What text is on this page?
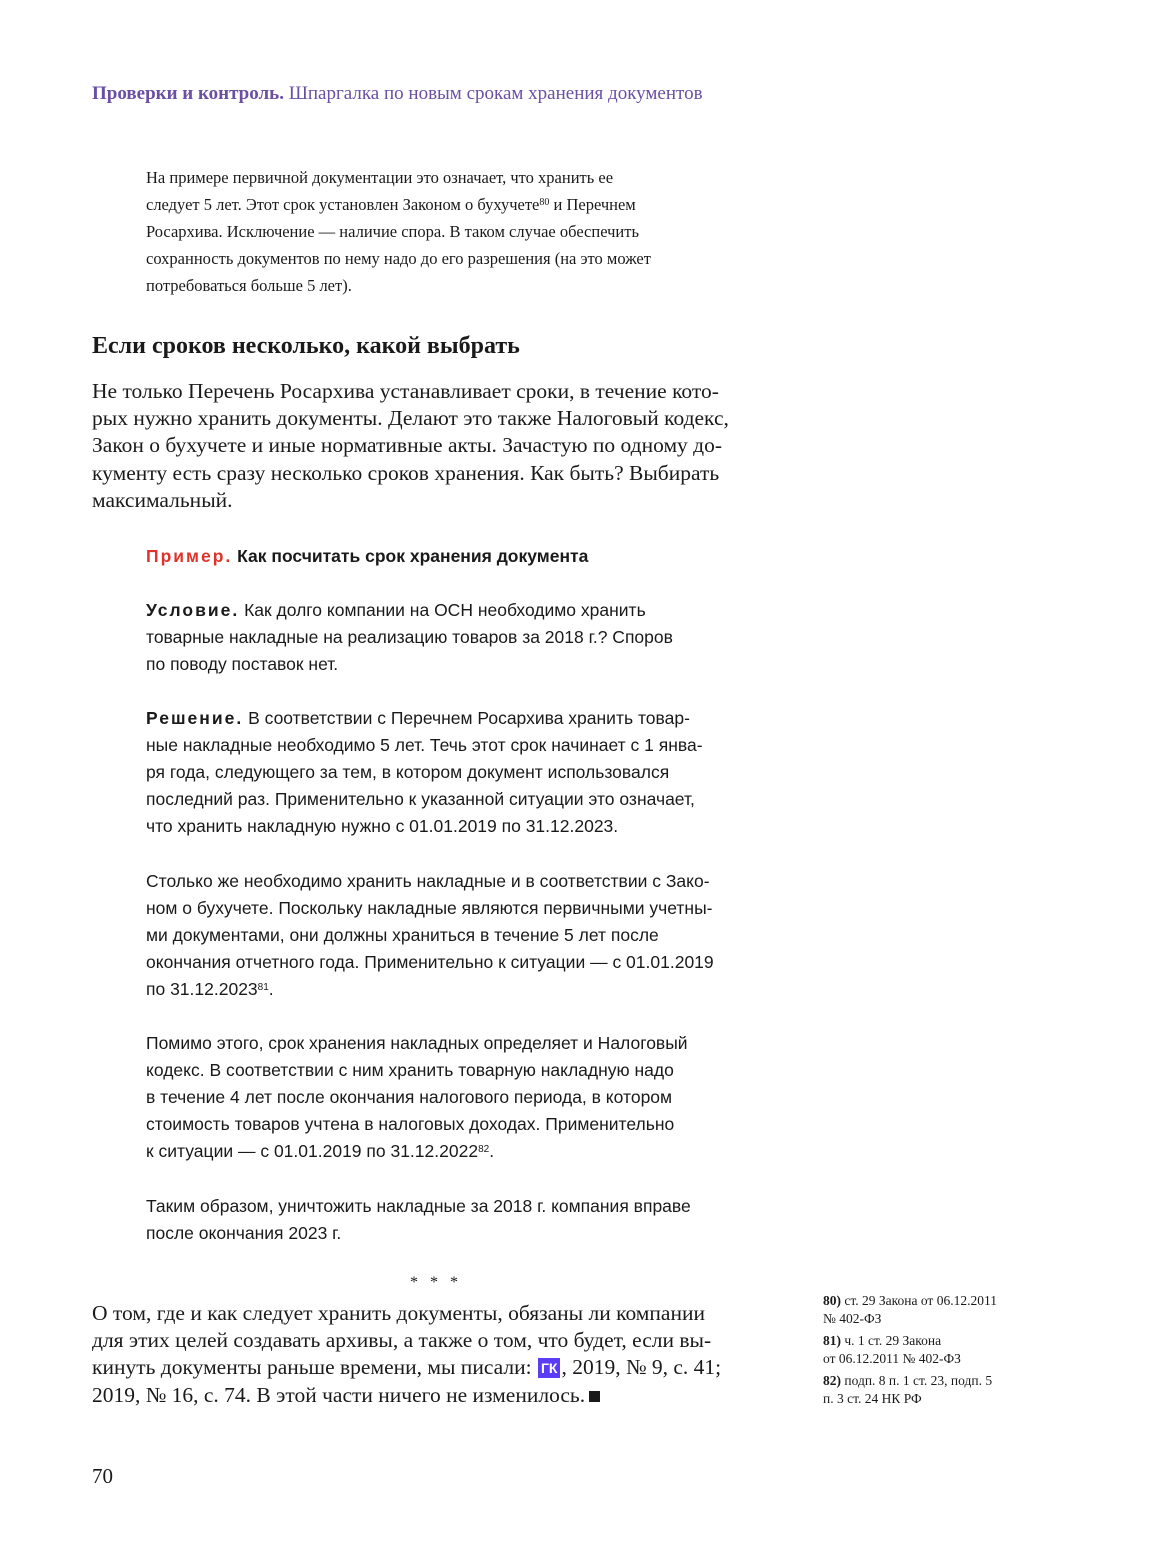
Проверки и контроль. Шпаргалка по новым срокам хранения документов
На примере первичной документации это означает, что хранить ее
следует 5 лет. Этот срок установлен Законом о бухучете$^{80}$ и Перечнем
Росархива. Исключение — наличие спора. В таком случае обеспечить
сохранность документов по нему надо до его разрешения (на это может
потребоваться больше 5 лет).
Если сроков несколько, какой выбрать
Не только Перечень Росархива устанавливает сроки, в течение кото-
рых нужно хранить документы. Делают это также Налоговый кодекс,
Закон о бухучете и иные нормативные акты. Зачастую по одному до-
кументу есть сразу несколько сроков хранения. Как быть? Выбирать
максимальный.
Пример. Как посчитать срок хранения документа
Условие. Как долго компании на ОСН необходимо хранить
товарные накладные на реализацию товаров за 2018 г.? Споров
по поводу поставок нет.
Решение. В соответствии с Перечнем Росархива хранить товар-
ные накладные необходимо 5 лет. Течь этот срок начинает с 1 янва-
ря года, следующего за тем, в котором документ использовался
последний раз. Применительно к указанной ситуации это означает,
что хранить накладную нужно с 01.01.2019 по 31.12.2023.
Столько же необходимо хранить накладные и в соответствии с Зако-
ном о бухучете. Поскольку накладные являются первичными учетны-
ми документами, они должны храниться в течение 5 лет после
окончания отчетного года. Применительно к ситуации — с 01.01.2019
по 31.12.2023$^{81}$.
Помимо этого, срок хранения накладных определяет и Налоговый
кодекс. В соответствии с ним хранить товарную накладную надо
в течение 4 лет после окончания налогового периода, в котором
стоимость товаров учтена в налоговых доходах. Применительно
к ситуации — с 01.01.2019 по 31.12.2022$^{82}$.
Таким образом, уничтожить накладные за 2018 г. компания вправе
после окончания 2023 г.
* * *
О том, где и как следует хранить документы, обязаны ли компании
для этих целей создавать архивы, а также о том, что будет, если вы-
кинуть документы раньше времени, мы писали: ГК , 2019, № 9, с. 41;
2019, № 16, с. 74. В этой части ничего не изменилось.
80) ст. 29 Закона от 06.12.2011
№ 402-ФЗ
81) ч. 1 ст. 29 Закона
от 06.12.2011 № 402-ФЗ
82) подп. 8 п. 1 ст. 23, подп. 5
п. 3 ст. 24 НК РФ
70
